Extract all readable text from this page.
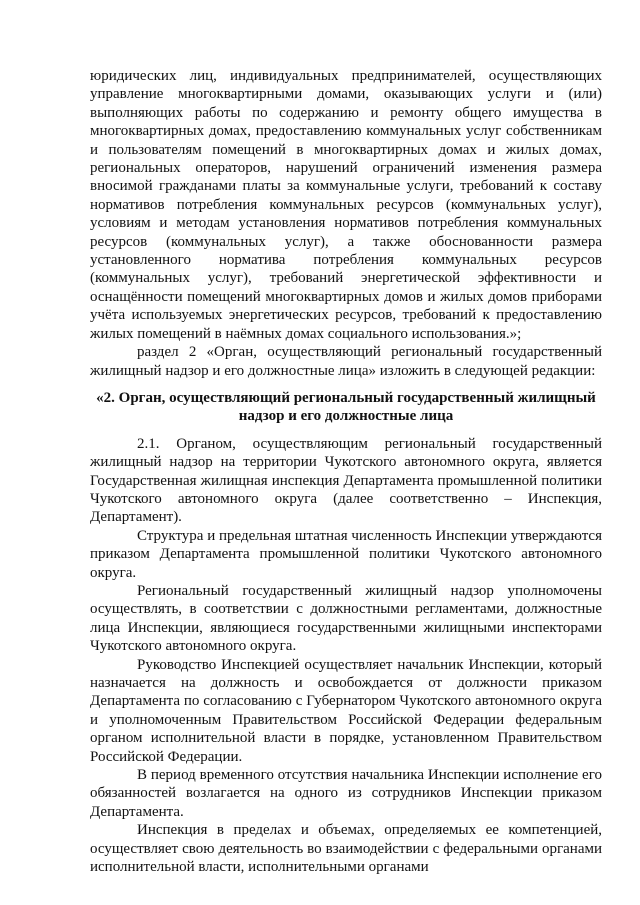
юридических лиц, индивидуальных предпринимателей, осуществляющих управление многоквартирными домами, оказывающих услуги и (или) выполняющих работы по содержанию и ремонту общего имущества в многоквартирных домах, предоставлению коммунальных услуг собственникам и пользователям помещений в многоквартирных домах и жилых домах, региональных операторов, нарушений ограничений изменения размера вносимой гражданами платы за коммунальные услуги, требований к составу нормативов потребления коммунальных ресурсов (коммунальных услуг), условиям и методам установления нормативов потребления коммунальных ресурсов (коммунальных услуг), а также обоснованности размера установленного норматива потребления коммунальных ресурсов (коммунальных услуг), требований энергетической эффективности и оснащённости помещений многоквартирных домов и жилых домов приборами учёта используемых энергетических ресурсов, требований к предоставлению жилых помещений в наёмных домах социального использования.»;

раздел 2 «Орган, осуществляющий региональный государственный жилищный надзор и его должностные лица» изложить в следующей редакции:

«2. Орган, осуществляющий региональный государственный жилищный надзор и его должностные лица

2.1. Органом, осуществляющим региональный государственный жилищный надзор на территории Чукотского автономного округа, является Государственная жилищная инспекция Департамента промышленной политики Чукотского автономного округа (далее соответственно – Инспекция, Департамент).

Структура и предельная штатная численность Инспекции утверждаются приказом Департамента промышленной политики Чукотского автономного округа.

Региональный государственный жилищный надзор уполномочены осуществлять, в соответствии с должностными регламентами, должностные лица Инспекции, являющиеся государственными жилищными инспекторами Чукотского автономного округа.

Руководство Инспекцией осуществляет начальник Инспекции, который назначается на должность и освобождается от должности приказом Департамента по согласованию с Губернатором Чукотского автономного округа и уполномоченным Правительством Российской Федерации федеральным органом исполнительной власти в порядке, установленном Правительством Российской Федерации.

В период временного отсутствия начальника Инспекции исполнение его обязанностей возлагается на одного из сотрудников Инспекции приказом Департамента.

Инспекция в пределах и объемах, определяемых ее компетенцией, осуществляет свою деятельность во взаимодействии с федеральными органами исполнительной власти, исполнительными органами
